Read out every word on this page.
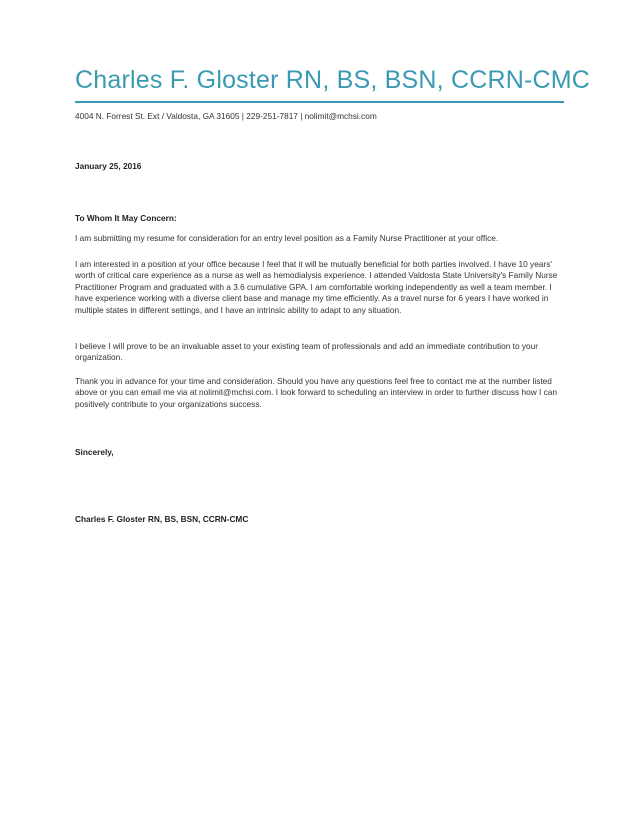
Charles F. Gloster RN, BS, BSN, CCRN-CMC
4004 N. Forrest St. Ext / Valdosta, GA 31605 | 229-251-7817 | nolimit@mchsi.com
January 25, 2016
To Whom It May Concern:

I am submitting my resume for consideration for an entry level position as a Family Nurse Practitioner at your office.

I am interested in a position at your office because I feel that it will be mutually beneficial for both parties involved. I have 10 years' worth of critical care experience as a nurse as well as hemodialysis experience. I attended Valdosta State University's Family Nurse Practitioner Program and graduated with a 3.6 cumulative GPA. I am comfortable working independently as well a team member. I have experience working with a diverse client base and manage my time efficiently. As a travel nurse for 6 years I have worked in multiple states in different settings, and I have an intrinsic ability to adapt to any situation.

I believe I will prove to be an invaluable asset to your existing team of professionals and add an immediate contribution to your organization.

Thank you in advance for your time and consideration. Should you have any questions feel free to contact me at the number listed above or you can email me via at nolimit@mchsi.com. I look forward to scheduling an interview in order to further discuss how I can positively contribute to your organizations success.

Sincerely,
Charles F. Gloster RN, BS, BSN, CCRN-CMC
